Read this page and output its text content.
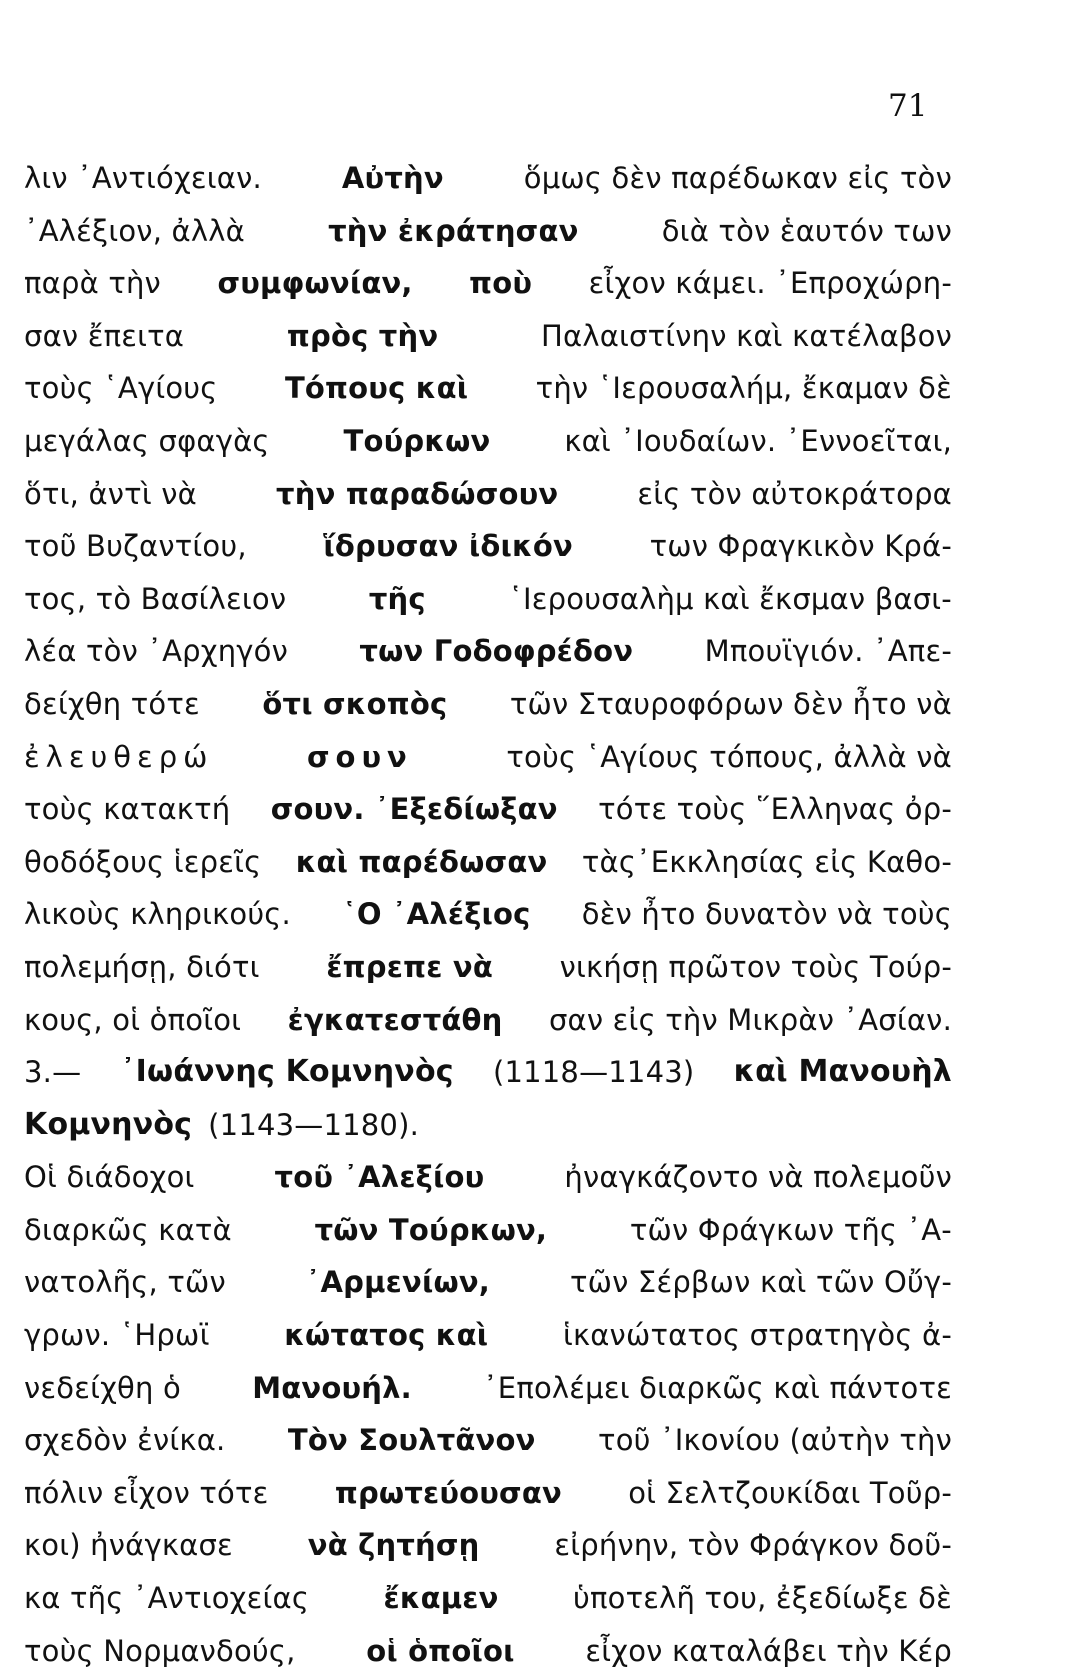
71
λιν ᾽Αντιόχειαν.	Αὐτὴν	ὅμως δὲν παρέδωκαν εἰς τὸν
᾽Αλέξιον, ἀλλὰ	τὴν ἐκράτησαν	διὰ τὸν ἑαυτόν των
παρὰ τὴν συμφωνίαν, ποὺ εἶχον κάμει. ᾽Επροχώρη-
σαν ἔπειτα	πρὸς τὴν	Παλαιστίνην καὶ κατέλαβον
τοὺς ῾Αγίους Τόπους καὶ τὴν ῾Ιερουσαλήμ, ἔκαμαν δὲ
μεγάλας σφαγὰς	Τούρκων	καὶ ᾽Ιουδαίων. ᾽Εννοεῖται,
ὅτι, ἀντὶ νὰ	τὴν παραδώσουν	εἰς τὸν αὐτοκράτορα
τοῦ Βυζαντίου,	ἵδρυσαν ἰδικόν	των Φραγκικὸν Κρά-
τος, τὸ Βασίλειον	τῆς	῾Ιερουσαλὴμ καὶ ἔκσμαν βασι-
λέα τὸν ᾽Αρχηγόν των Γοδοφρέδον Μπουϊγιόν. ᾽Απε-
δείχθη τότε ὅτι σκοπὸς τῶν Σταυροφόρων δὲν ἦτο νὰ
ἐλευθερώ	σουν	τοὺς ῾Αγίους τόπους, ἀλλὰ νὰ
τοὺς κατακτή σουν. ᾽Εξεδίωξαν τότε τοὺς ῞Ελληνας ὀρ-
θοδόξους ἱερεῖς καὶ παρέδωσαν τὰς᾽Εκκλησίας εἰς Καθο-
λικοὺς κληρικούς. ῾Ο ᾽Αλέξιος δὲν ἦτο δυνατὸν νὰ τοὺς
πολεμήσῃ, διότι ἔπρεπε νὰ νικήσῃ πρῶτον τοὺς Τούρ-
κους, οἱ ὁποῖοι ἐγκατεστάθη σαν εἰς τὴν Μικρὰν ᾽Ασίαν.
3.— ᾽Ιωάννης Κομνηνὸς (1118—1143) καὶ Μανουὴλ
Κομνηνὸς (1143—1180).
Οἱ διάδοχοι	τοῦ ᾽Αλεξίου	ἠναγκάζοντο νὰ πολεμοῦν
διαρκῶς κατὰ	τῶν Τούρκων,	τῶν Φράγκων τῆς ᾽Α-
νατολῆς, τῶν	᾽Αρμενίων,	τῶν Σέρβων καὶ τῶν Οὔγ-
γρων. ῾Ηρωϊ	κώτατος καὶ	ἱκανώτατος στρατηγὸς ἀ-
νεδείχθη ὁ Μανουήλ. ᾽Επολέμει διαρκῶς καὶ πάντοτε
σχεδὸν ἐνίκα. Τὸν Σουλτᾶνον τοῦ ᾽Ικονίου (αὐτὴν τὴν
πόλιν εἶχον τότε πρωτεύουσαν οἱ Σελτζουκίδαι Τοῦρ-
κοι) ἠνάγκασε	νὰ ζητήσῃ	εἰρήνην, τὸν Φράγκον δοῦ-
κα τῆς ᾽Αντιοχείας	ἔκαμεν	ὑποτελῆ του, ἐξεδίωξε δὲ
τοὺς Νορμανδούς, οἱ ὁποῖοι εἶχον καταλάβει τὴν Κέρ
